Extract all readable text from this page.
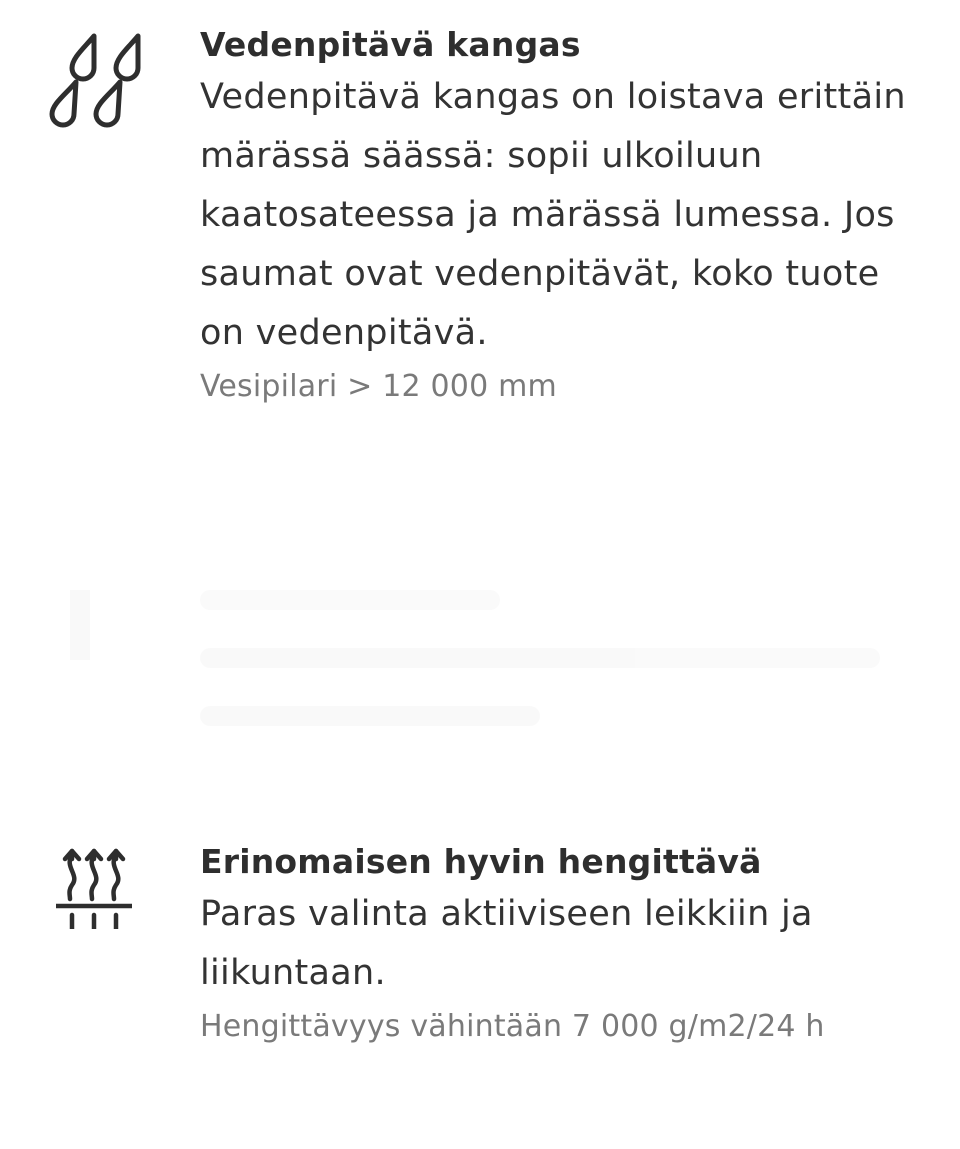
Vedenpitävä kangas
Vedenpitävä kangas on loistava erittäin märässä säässä: sopii ulkoiluun kaatosateessa ja märässä lumessa. Jos saumat ovat vedenpitävät, koko tuote on vedenpitävä.
Vesipilari > 12 000 mm
Erinomaisen hyvin hengittävä
Paras valinta aktiiviseen leikkiin ja liikuntaan.
Hengittävyys vähintään 7 000 g/m2/24 h
